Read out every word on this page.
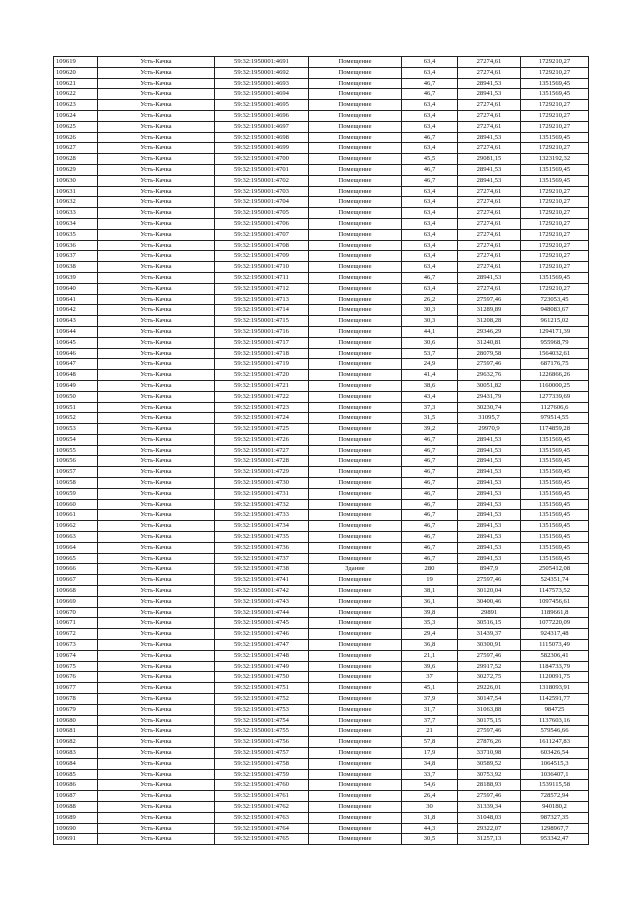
109619	Усть-Качка	59:32:1950001:4691	Помещение	63,4	27274,61	1729210,27
109620	Усть-Качка	59:32:1950001:4692	Помещение	63,4	27274,61	1729210,27
109621	Усть-Качка	59:32:1950001:4693	Помещение	46,7	28941,53	1351569,45
109622	Усть-Качка	59:32:1950001:4694	Помещение	46,7	28941,53	1351569,45
109623	Усть-Качка	59:32:1950001:4695	Помещение	63,4	27274,61	1729210,27
109624	Усть-Качка	59:32:1950001:4696	Помещение	63,4	27274,61	1729210,27
109625	Усть-Качка	59:32:1950001:4697	Помещение	63,4	27274,61	1729210,27
109626	Усть-Качка	59:32:1950001:4698	Помещение	46,7	28941,53	1351569,45
109627	Усть-Качка	59:32:1950001:4699	Помещение	63,4	27274,61	1729210,27
109628	Усть-Качка	59:32:1950001:4700	Помещение	45,5	29081,15	1323192,32
109629	Усть-Качка	59:32:1950001:4701	Помещение	46,7	28941,53	1351569,45
109630	Усть-Качка	59:32:1950001:4702	Помещение	46,7	28941,53	1351569,45
109631	Усть-Качка	59:32:1950001:4703	Помещение	63,4	27274,61	1729210,27
109632	Усть-Качка	59:32:1950001:4704	Помещение	63,4	27274,61	1729210,27
109633	Усть-Качка	59:32:1950001:4705	Помещение	63,4	27274,61	1729210,27
109634	Усть-Качка	59:32:1950001:4706	Помещение	63,4	27274,61	1729210,27
109635	Усть-Качка	59:32:1950001:4707	Помещение	63,4	27274,61	1729210,27
109636	Усть-Качка	59:32:1950001:4708	Помещение	63,4	27274,61	1729210,27
109637	Усть-Качка	59:32:1950001:4709	Помещение	63,4	27274,61	1729210,27
109638	Усть-Качка	59:32:1950001:4710	Помещение	63,4	27274,61	1729210,27
109639	Усть-Качка	59:32:1950001:4711	Помещение	46,7	28941,53	1351569,45
109640	Усть-Качка	59:32:1950001:4712	Помещение	63,4	27274,61	1729210,27
109641	Усть-Качка	59:32:1950001:4713	Помещение	26,2	27597,46	723053,45
109642	Усть-Качка	59:32:1950001:4714	Помещение	30,3	31289,89	948083,67
109643	Усть-Качка	59:32:1950001:4715	Помещение	30,3	31208,28	961215,02
109644	Усть-Качка	59:32:1950001:4716	Помещение	44,1	29346,29	1294171,39
109645	Усть-Качка	59:32:1950001:4717	Помещение	30,6	31240,81	955968,79
109646	Усть-Качка	59:32:1950001:4718	Помещение	53,7	28079,58	1564032,61
109647	Усть-Качка	59:32:1950001:4719	Помещение	24,9	27597,46	687176,75
109648	Усть-Качка	59:32:1950001:4720	Помещение	41,4	29632,76	1226866,26
109649	Усть-Качка	59:32:1950001:4721	Помещение	38,6	30051,82	1160000,25
109650	Усть-Качка	59:32:1950001:4722	Помещение	43,4	29431,79	1277339,69
109651	Усть-Качка	59:32:1950001:4723	Помещение	37,3	30230,74	1127606,6
109652	Усть-Качка	59:32:1950001:4724	Помещение	31,5	31095,7	979514,55
109653	Усть-Качка	59:32:1950001:4725	Помещение	39,2	29970,9	1174859,28
109654	Усть-Качка	59:32:1950001:4726	Помещение	46,7	28941,53	1351569,45
109655	Усть-Качка	59:32:1950001:4727	Помещение	46,7	28941,53	1351569,45
109656	Усть-Качка	59:32:1950001:4728	Помещение	46,7	28941,53	1351569,45
109657	Усть-Качка	59:32:1950001:4729	Помещение	46,7	28941,53	1351569,45
109658	Усть-Качка	59:32:1950001:4730	Помещение	46,7	28941,53	1351569,45
109659	Усть-Качка	59:32:1950001:4731	Помещение	46,7	28941,53	1351569,45
109660	Усть-Качка	59:32:1950001:4732	Помещение	46,7	28941,53	1351569,45
109661	Усть-Качка	59:32:1950001:4733	Помещение	46,7	28941,53	1351569,45
109662	Усть-Качка	59:32:1950001:4734	Помещение	46,7	28941,53	1351569,45
109663	Усть-Качка	59:32:1950001:4735	Помещение	46,7	28941,53	1351569,45
109664	Усть-Качка	59:32:1950001:4736	Помещение	46,7	28941,53	1351569,45
109665	Усть-Качка	59:32:1950001:4737	Помещение	46,7	28941,53	1351569,45
109666	Усть-Качка	59:32:1950001:4738	Здание	280	8947,9	2505412,08
109667	Усть-Качка	59:32:1950001:4741	Помещение	19	27597,46	524351,74
109668	Усть-Качка	59:32:1950001:4742	Помещение	38,1	30120,04	1147573,52
109669	Усть-Качка	59:32:1950001:4743	Помещение	36,1	30400,46	1097456,61
109670	Усть-Качка	59:32:1950001:4744	Помещение	39,8	29891	1189661,8
109671	Усть-Качка	59:32:1950001:4745	Помещение	35,3	30516,15	1077220,09
109672	Усть-Качка	59:32:1950001:4746	Помещение	29,4	31439,37	924317,48
109673	Усть-Качка	59:32:1950001:4747	Помещение	36,8	30300,91	1115073,49
109674	Усть-Качка	59:32:1950001:4748	Помещение	21,1	27597,46	582306,41
109675	Усть-Качка	59:32:1950001:4749	Помещение	39,6	29917,52	1184733,79
109676	Усть-Качка	59:32:1950001:4750	Помещение	37	30272,75	1120091,75
109677	Усть-Качка	59:32:1950001:4751	Помещение	45,1	29226,01	1318093,91
109678	Усть-Качка	59:32:1950001:4752	Помещение	37,9	30147,54	1142591,77
109679	Усть-Качка	59:32:1950001:4753	Помещение	31,7	31063,88	984725
109680	Усть-Качка	59:32:1950001:4754	Помещение	37,7	30175,15	1137603,16
109681	Усть-Качка	59:32:1950001:4755	Помещение	21	27597,46	579546,66
109682	Усть-Качка	59:32:1950001:4756	Помещение	57,8	27876,26	1611247,83
109683	Усть-Качка	59:32:1950001:4757	Помещение	17,9	33710,98	603426,54
109684	Усть-Качка	59:32:1950001:4758	Помещение	34,8	30589,52	1064515,3
109685	Усть-Качка	59:32:1950001:4759	Помещение	33,7	30753,92	1036407,1
109686	Усть-Качка	59:32:1950001:4760	Помещение	54,6	28188,93	1539115,58
109687	Усть-Качка	59:32:1950001:4761	Помещение	26,4	27597,46	728572,94
109688	Усть-Качка	59:32:1950001:4762	Помещение	30	31339,34	940180,2
109689	Усть-Качка	59:32:1950001:4763	Помещение	31,8	31048,03	987327,35
109690	Усть-Качка	59:32:1950001:4764	Помещение	44,3	29322,07	1298967,7
109691	Усть-Качка	59:32:1950001:4765	Помещение	30,5	31257,13	953342,47
